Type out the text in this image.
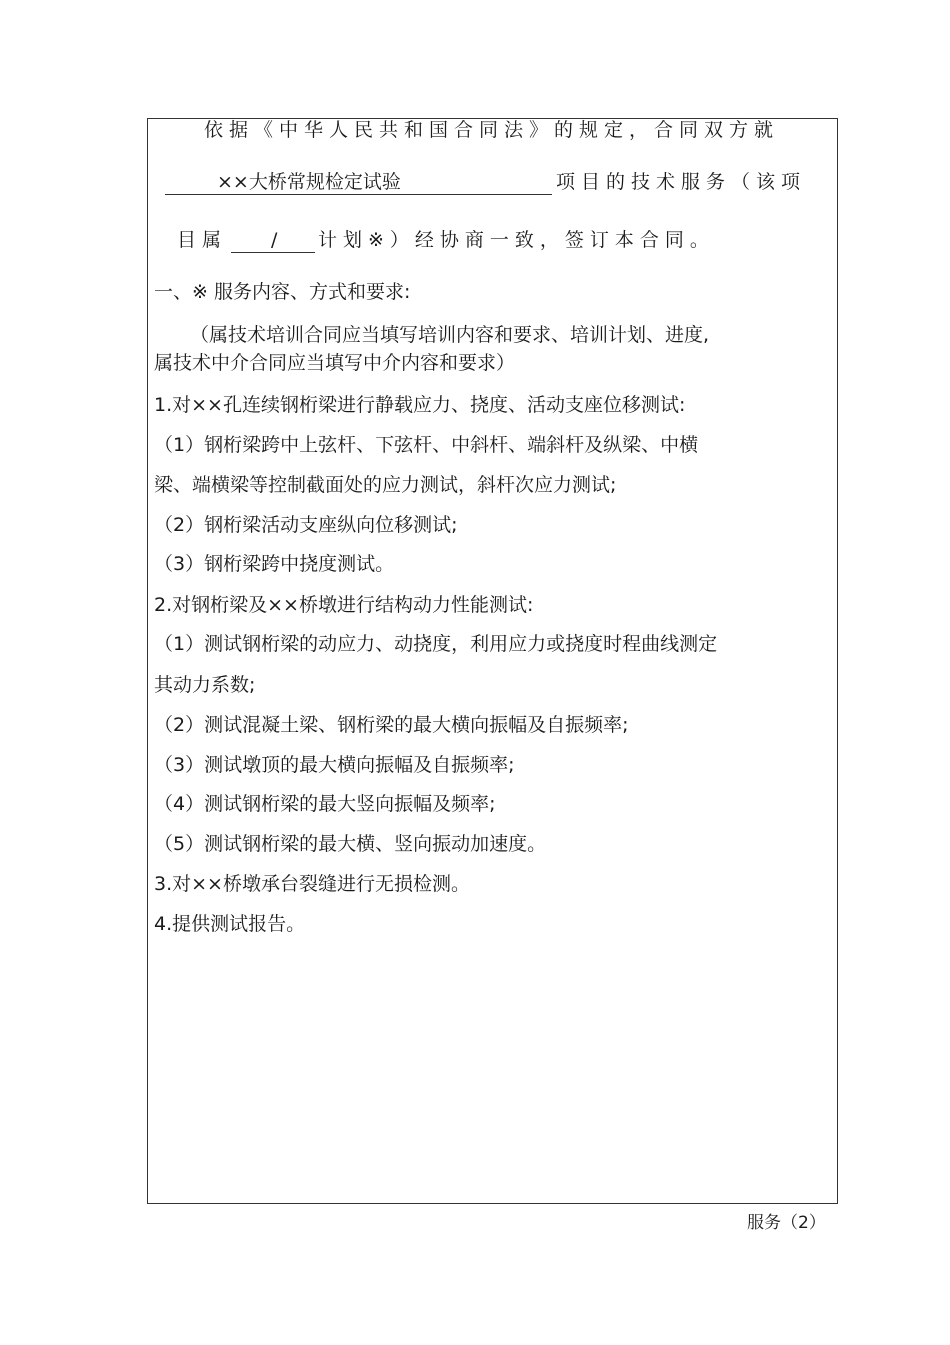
依据《中华人民共和国合同法》的规定，合同双方就
××大桥常规检定试验	项目的技术服务（该项
目属 / 计划※）经协商一致，签订本合同。
一、※ 服务内容、方式和要求:
（属技术培训合同应当填写培训内容和要求、培训计划、进度,
属技术中介合同应当填写中介内容和要求）
1.对××孔连续钢桁梁进行静载应力、挠度、活动支座位移测试:
（1）钢桁梁跨中上弦杆、下弦杆、中斜杆、端斜杆及纵梁、中横
梁、端横梁等控制截面处的应力测试，斜杆次应力测试;
（2）钢桁梁活动支座纵向位移测试;
（3）钢桁梁跨中挠度测试。
2.对钢桁梁及××桥墩进行结构动力性能测试:
（1）测试钢桁梁的动应力、动挠度，利用应力或挠度时程曲线测定
其动力系数;
（2）测试混凝土梁、钢桁梁的最大横向振幅及自振频率;
（3）测试墩顶的最大横向振幅及自振频率;
（4）测试钢桁梁的最大竖向振幅及频率;
（5）测试钢桁梁的最大横、竖向振动加速度。
3.对××桥墩承台裂缝进行无损检测。
4.提供测试报告。
服务（2）
